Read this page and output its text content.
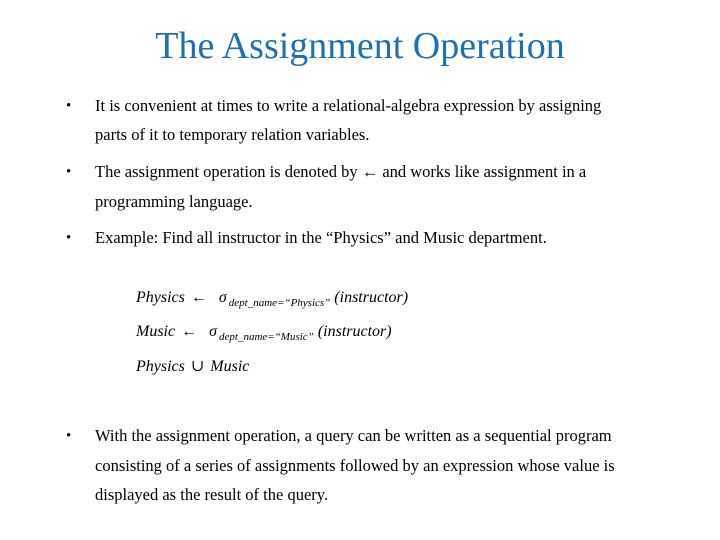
The Assignment Operation
• It is convenient at times to write a relational-algebra expression by assigning
parts of it to temporary relation variables.
• The assignment operation is denoted by ← and works like assignment in a
programming language.
• Example: Find all instructor in the “Physics” and Music department.
Physics ← σ $_{dept\_name=“Physics”}$ (instructor)
Music ← σ $_{dept\_name=“Music”}$ (instructor)
Physics ∪ Music
• With the assignment operation, a query can be written as a sequential program
consisting of a series of assignments followed by an expression whose value is
displayed as the result of the query.
